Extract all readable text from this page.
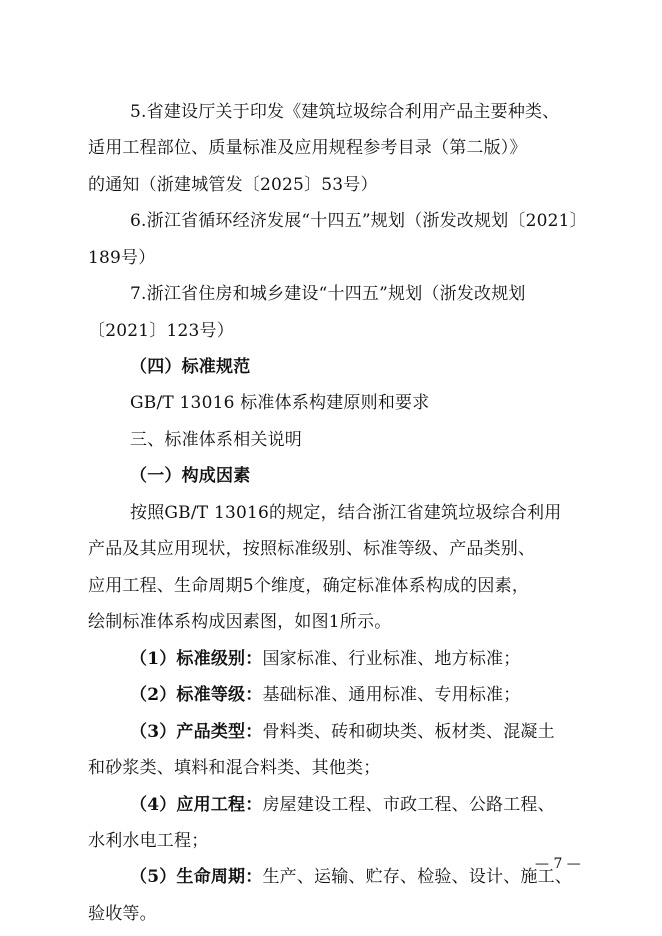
5.省建设厅关于印发《建筑垃圾综合利用产品主要种类、
适用工程部位、质量标准及应用规程参考目录（第二版）》
的通知（浙建城管发〔2025〕53号）
6.浙江省循环经济发展“十四五”规划（浙发改规划〔2021〕
189号）
7.浙江省住房和城乡建设“十四五”规划（浙发改规划
〔2021〕123号）
（四）标准规范
GB/T 13016 标准体系构建原则和要求
三、标准体系相关说明
（一）构成因素
按照GB/T 13016的规定，结合浙江省建筑垃圾综合利用
产品及其应用现状，按照标准级别、标准等级、产品类别、
应用工程、生命周期5个维度，确定标准体系构成的因素，
绘制标准体系构成因素图，如图1所示。
（1）标准级别：国家标准、行业标准、地方标准；
（2）标准等级：基础标准、通用标准、专用标准；
（3）产品类型：骨料类、砖和砌块类、板材类、混凝土
和砂浆类、填料和混合料类、其他类；
（4）应用工程：房屋建设工程、市政工程、公路工程、
水利水电工程；
（5）生命周期：生产、运输、贮存、检验、设计、施工、
验收等。
— 7 —
